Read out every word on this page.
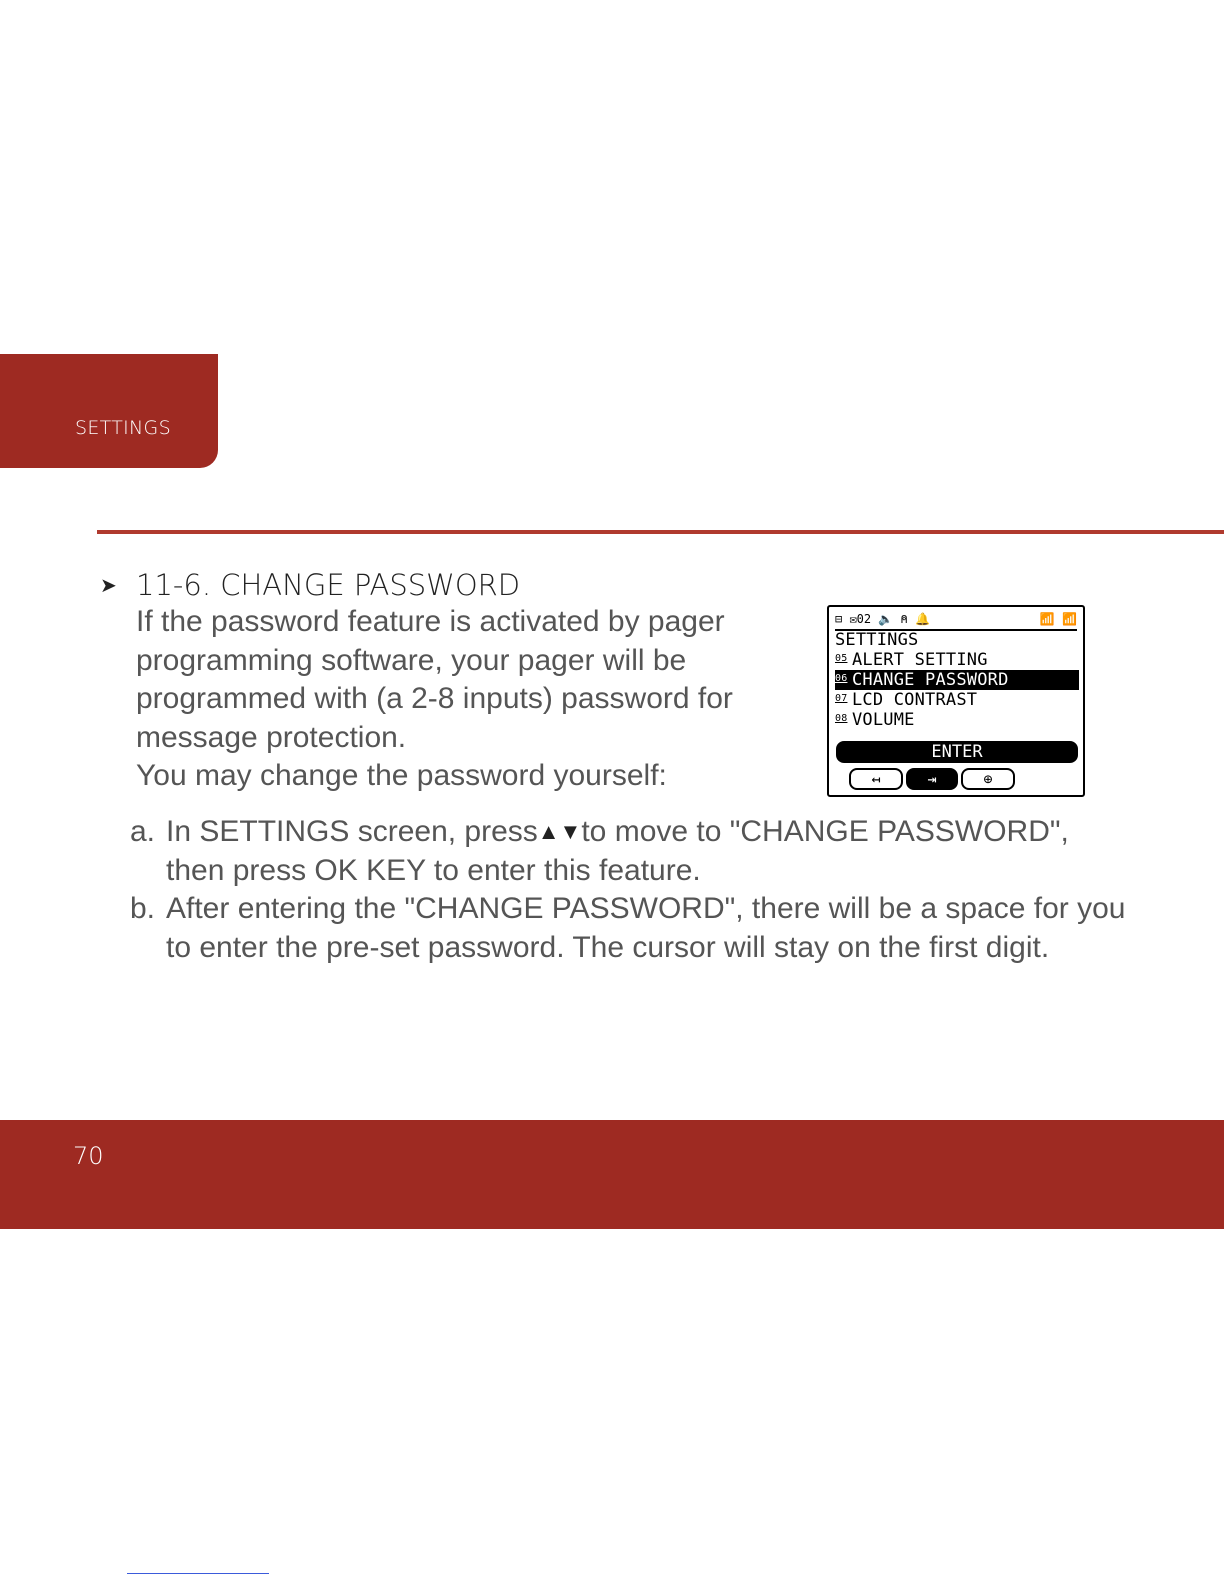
SETTINGS
➤ 11-6. CHANGE PASSWORD

If the password feature is activated by pager programming software, your pager will be programmed with (a 2-8 inputs) password for message protection.

You may change the password yourself:

⊟ ✉02 🔈 ⍝ 🔔	📶 📶
SETTINGS
05 ALERT SETTING
06 CHANGE PASSWORD
07 LCD CONTRAST
08 VOLUME
ENTER
↤	⇥	⊕
a. In SETTINGS screen, press▲▼to move to "CHANGE PASSWORD", then press OK KEY to enter this feature.
b. After entering the "CHANGE PASSWORD", there will be a space for you to enter the pre-set password. The cursor will stay on the first digit.
70
